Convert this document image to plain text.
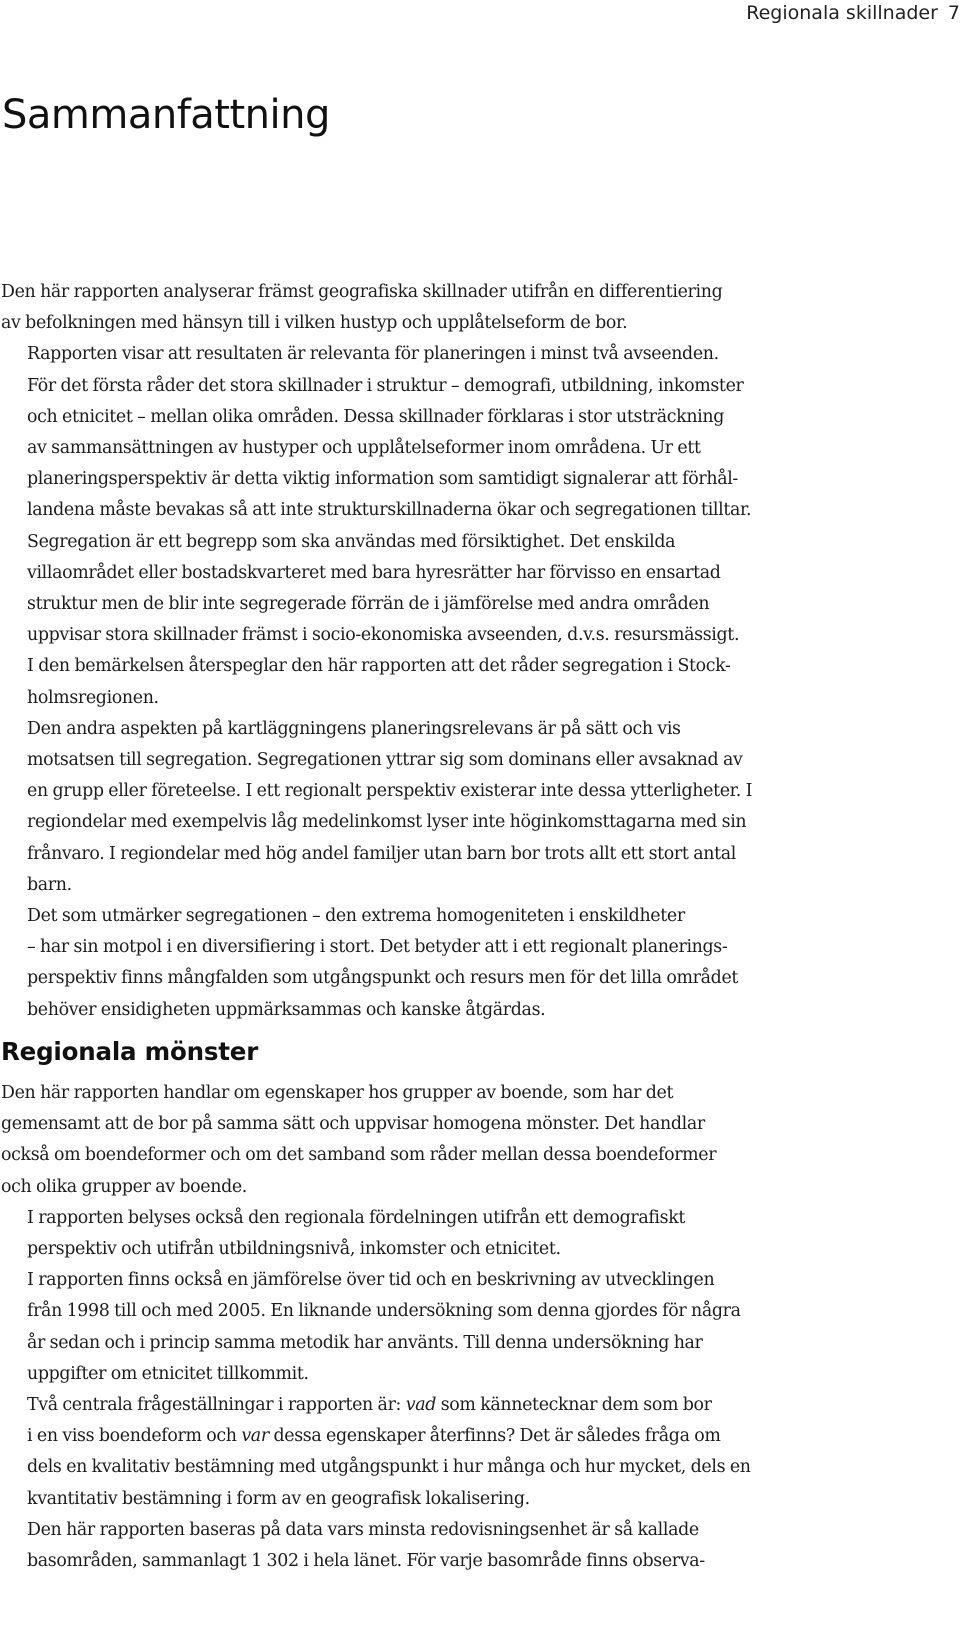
Regionala skillnader 7
Sammanfattning

Den här rapporten analyserar främst geografiska skillnader utifrån en differentiering
av befolkningen med hänsyn till i vilken hustyp och upplåtelseform de bor.

Rapporten visar att resultaten är relevanta för planeringen i minst två avseenden.
För det första råder det stora skillnader i struktur – demografi, utbildning, inkomster
och etnicitet – mellan olika områden. Dessa skillnader förklaras i stor utsträckning
av sammansättningen av hustyper och upplåtelseformer inom områdena. Ur ett
planeringsperspektiv är detta viktig information som samtidigt signalerar att förhål-
landena måste bevakas så att inte strukturskillnaderna ökar och segregationen tilltar.

Segregation är ett begrepp som ska användas med försiktighet. Det enskilda
villaområdet eller bostadskvarteret med bara hyresrätter har förvisso en ensartad
struktur men de blir inte segregerade förrän de i jämförelse med andra områden
uppvisar stora skillnader främst i socio-ekonomiska avseenden, d.v.s. resursmässigt.
I den bemärkelsen återspeglar den här rapporten att det råder segregation i Stock-
holmsregionen.

Den andra aspekten på kartläggningens planeringsrelevans är på sätt och vis
motsatsen till segregation. Segregationen yttrar sig som dominans eller avsaknad av
en grupp eller företeelse. I ett regionalt perspektiv existerar inte dessa ytterligheter. I
regiondelar med exempelvis låg medelinkomst lyser inte höginkomsttagarna med sin
frånvaro. I regiondelar med hög andel familjer utan barn bor trots allt ett stort antal
barn.

Det som utmärker segregationen – den extrema homogeniteten i enskildheter
– har sin motpol i en diversifiering i stort. Det betyder att i ett regionalt planerings-
perspektiv finns mångfalden som utgångspunkt och resurs men för det lilla området
behöver ensidigheten uppmärksammas och kanske åtgärdas.

Regionala mönster

Den här rapporten handlar om egenskaper hos grupper av boende, som har det
gemensamt att de bor på samma sätt och uppvisar homogena mönster. Det handlar
också om boendeformer och om det samband som råder mellan dessa boendeformer
och olika grupper av boende.

I rapporten belyses också den regionala fördelningen utifrån ett demografiskt
perspektiv och utifrån utbildningsnivå, inkomster och etnicitet.

I rapporten finns också en jämförelse över tid och en beskrivning av utvecklingen
från 1998 till och med 2005. En liknande undersökning som denna gjordes för några
år sedan och i princip samma metodik har använts. Till denna undersökning har
uppgifter om etnicitet tillkommit.

Två centrala frågeställningar i rapporten är: vad som kännetecknar dem som bor
i en viss boendeform och var dessa egenskaper återfinns? Det är således fråga om
dels en kvalitativ bestämning med utgångspunkt i hur många och hur mycket, dels en
kvantitativ bestämning i form av en geografisk lokalisering.

Den här rapporten baseras på data vars minsta redovisningsenhet är så kallade
basområden, sammanlagt 1 302 i hela länet. För varje basområde finns observa-
